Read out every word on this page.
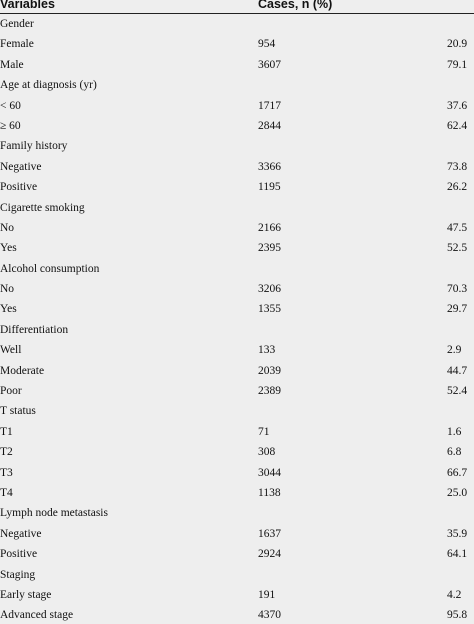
Variables	Cases, n (%)
Gender
Female	954	20.9
Male	3607	79.1
Age at diagnosis (yr)
< 60	1717	37.6
≥ 60	2844	62.4
Family history
Negative	3366	73.8
Positive	1195	26.2
Cigarette smoking
No	2166	47.5
Yes	2395	52.5
Alcohol consumption
No	3206	70.3
Yes	1355	29.7
Differentiation
Well	133	2.9
Moderate	2039	44.7
Poor	2389	52.4
T status
T1	71	1.6
T2	308	6.8
T3	3044	66.7
T4	1138	25.0
Lymph node metastasis
Negative	1637	35.9
Positive	2924	64.1
Staging
Early stage	191	4.2
Advanced stage	4370	95.8
